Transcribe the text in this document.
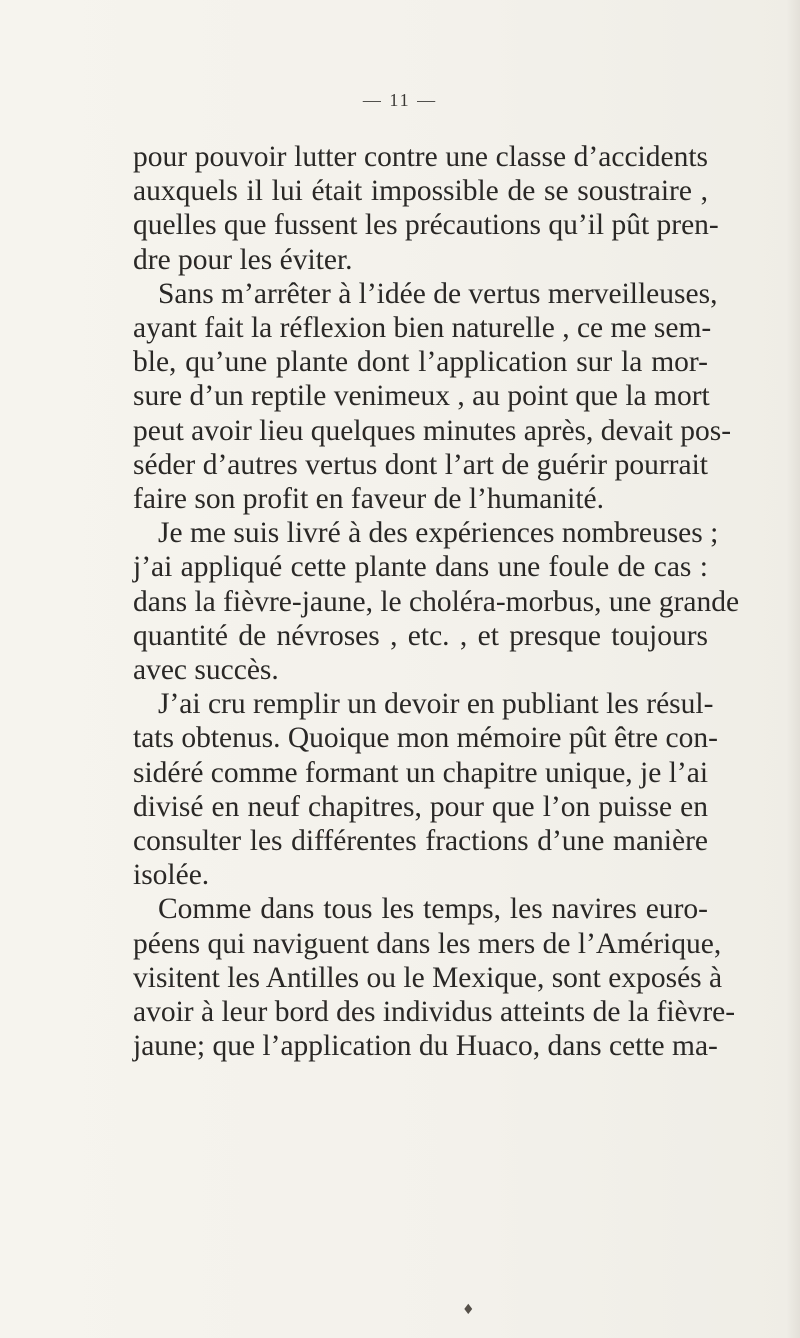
— 11 —
pour pouvoir lutter contre une classe d’accidents
auxquels il lui était impossible de se soustraire ,
quelles que fussent les précautions qu’il pût pren-
dre pour les éviter.
Sans m’arrêter à l’idée de vertus merveilleuses,
ayant fait la réflexion bien naturelle , ce me sem-
ble, qu’une plante dont l’application sur la mor-
sure d’un reptile venimeux , au point que la mort
peut avoir lieu quelques minutes après, devait pos-
séder d’autres vertus dont l’art de guérir pourrait
faire son profit en faveur de l’humanité.
Je me suis livré à des expériences nombreuses ;
j’ai appliqué cette plante dans une foule de cas :
dans la fièvre-jaune, le choléra-morbus, une grande
quantité de névroses , etc. , et presque toujours
avec succès.
J’ai cru remplir un devoir en publiant les résul-
tats obtenus. Quoique mon mémoire pût être con-
sidéré comme formant un chapitre unique, je l’ai
divisé en neuf chapitres, pour que l’on puisse en
consulter les différentes fractions d’une manière
isolée.
Comme dans tous les temps, les navires euro-
péens qui naviguent dans les mers de l’Amérique,
visitent les Antilles ou le Mexique, sont exposés à
avoir à leur bord des individus atteints de la fièvre-
jaune; que l’application du Huaco, dans cette ma-
♦
